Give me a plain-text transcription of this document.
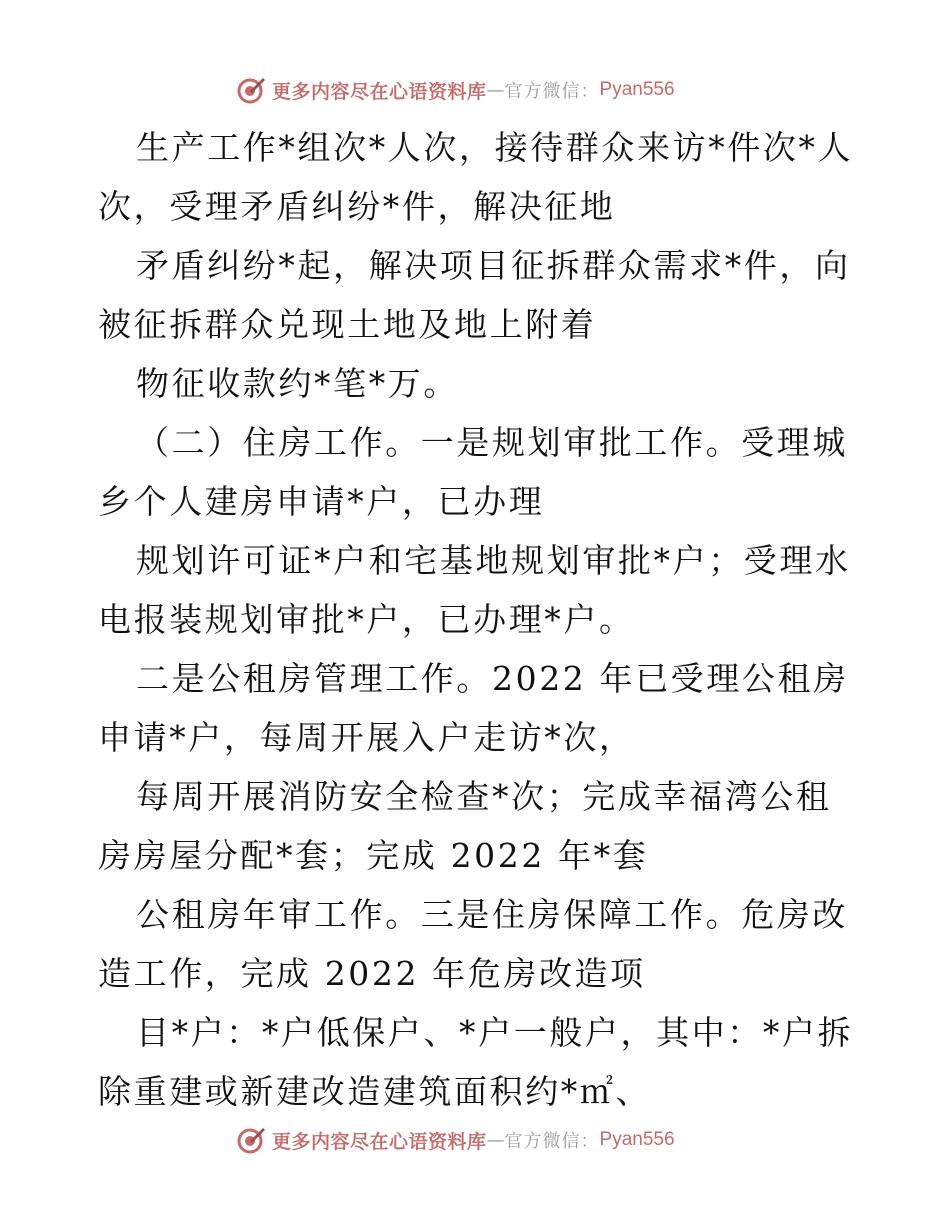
更多内容尽在心语资料库 — 官方微信： Pyan556

生产工作*组次*人次，接待群众来访*件次*人次，受理矛盾纠纷*件，解决征地

矛盾纠纷*起，解决项目征拆群众需求*件，向被征拆群众兑现土地及地上附着

物征收款约*笔*万。

（二）住房工作。一是规划审批工作。受理城乡个人建房申请*户，已办理

规划许可证*户和宅基地规划审批*户；受理水电报装规划审批*户，已办理*户。

二是公租房管理工作。2022 年已受理公租房申请*户，每周开展入户走访*次，

每周开展消防安全检查*次；完成幸福湾公租房房屋分配*套；完成 2022 年*套

公租房年审工作。三是住房保障工作。危房改造工作，完成 2022 年危房改造项

目*户：*户低保户、*户一般户，其中：*户拆除重建或新建改造建筑面积约*㎡、

更多内容尽在心语资料库 — 官方微信： Pyan556
